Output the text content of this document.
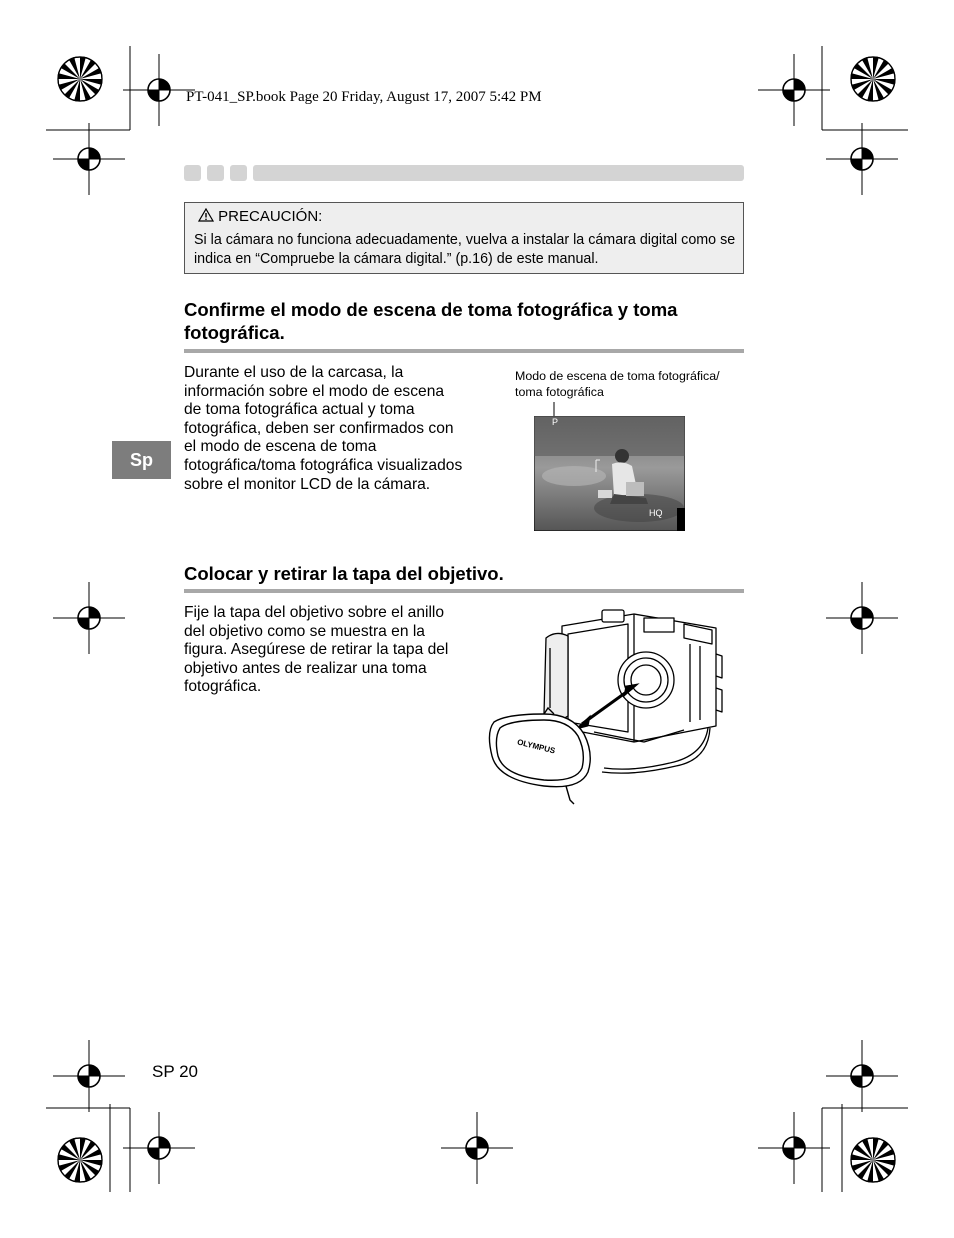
PT-041_SP.book Page 20 Friday, August 17, 2007 5:42 PM
PRECAUCIÓN:
Si la cámara no funciona adecuadamente, vuelva a instalar la cámara digital como se indica en “Compruebe la cámara digital.” (p.16) de este manual.
Confirme el modo de escena de toma fotográfica y toma fotográfica.
Durante el uso de la carcasa, la información sobre el modo de escena de toma fotográfica actual y toma fotográfica, deben ser confirmados con el modo de escena de toma fotográfica/toma fotográfica visualizados sobre el monitor LCD de la cámara.
Sp
Modo de escena de toma fotográfica/ toma fotográfica
P
HQ
Colocar y retirar la tapa del objetivo.
Fije la tapa del objetivo sobre el anillo del objetivo como se muestra en la figura. Asegúrese de retirar la tapa del objetivo antes de realizar una toma fotográfica.
OLYMPUS
SP 20
